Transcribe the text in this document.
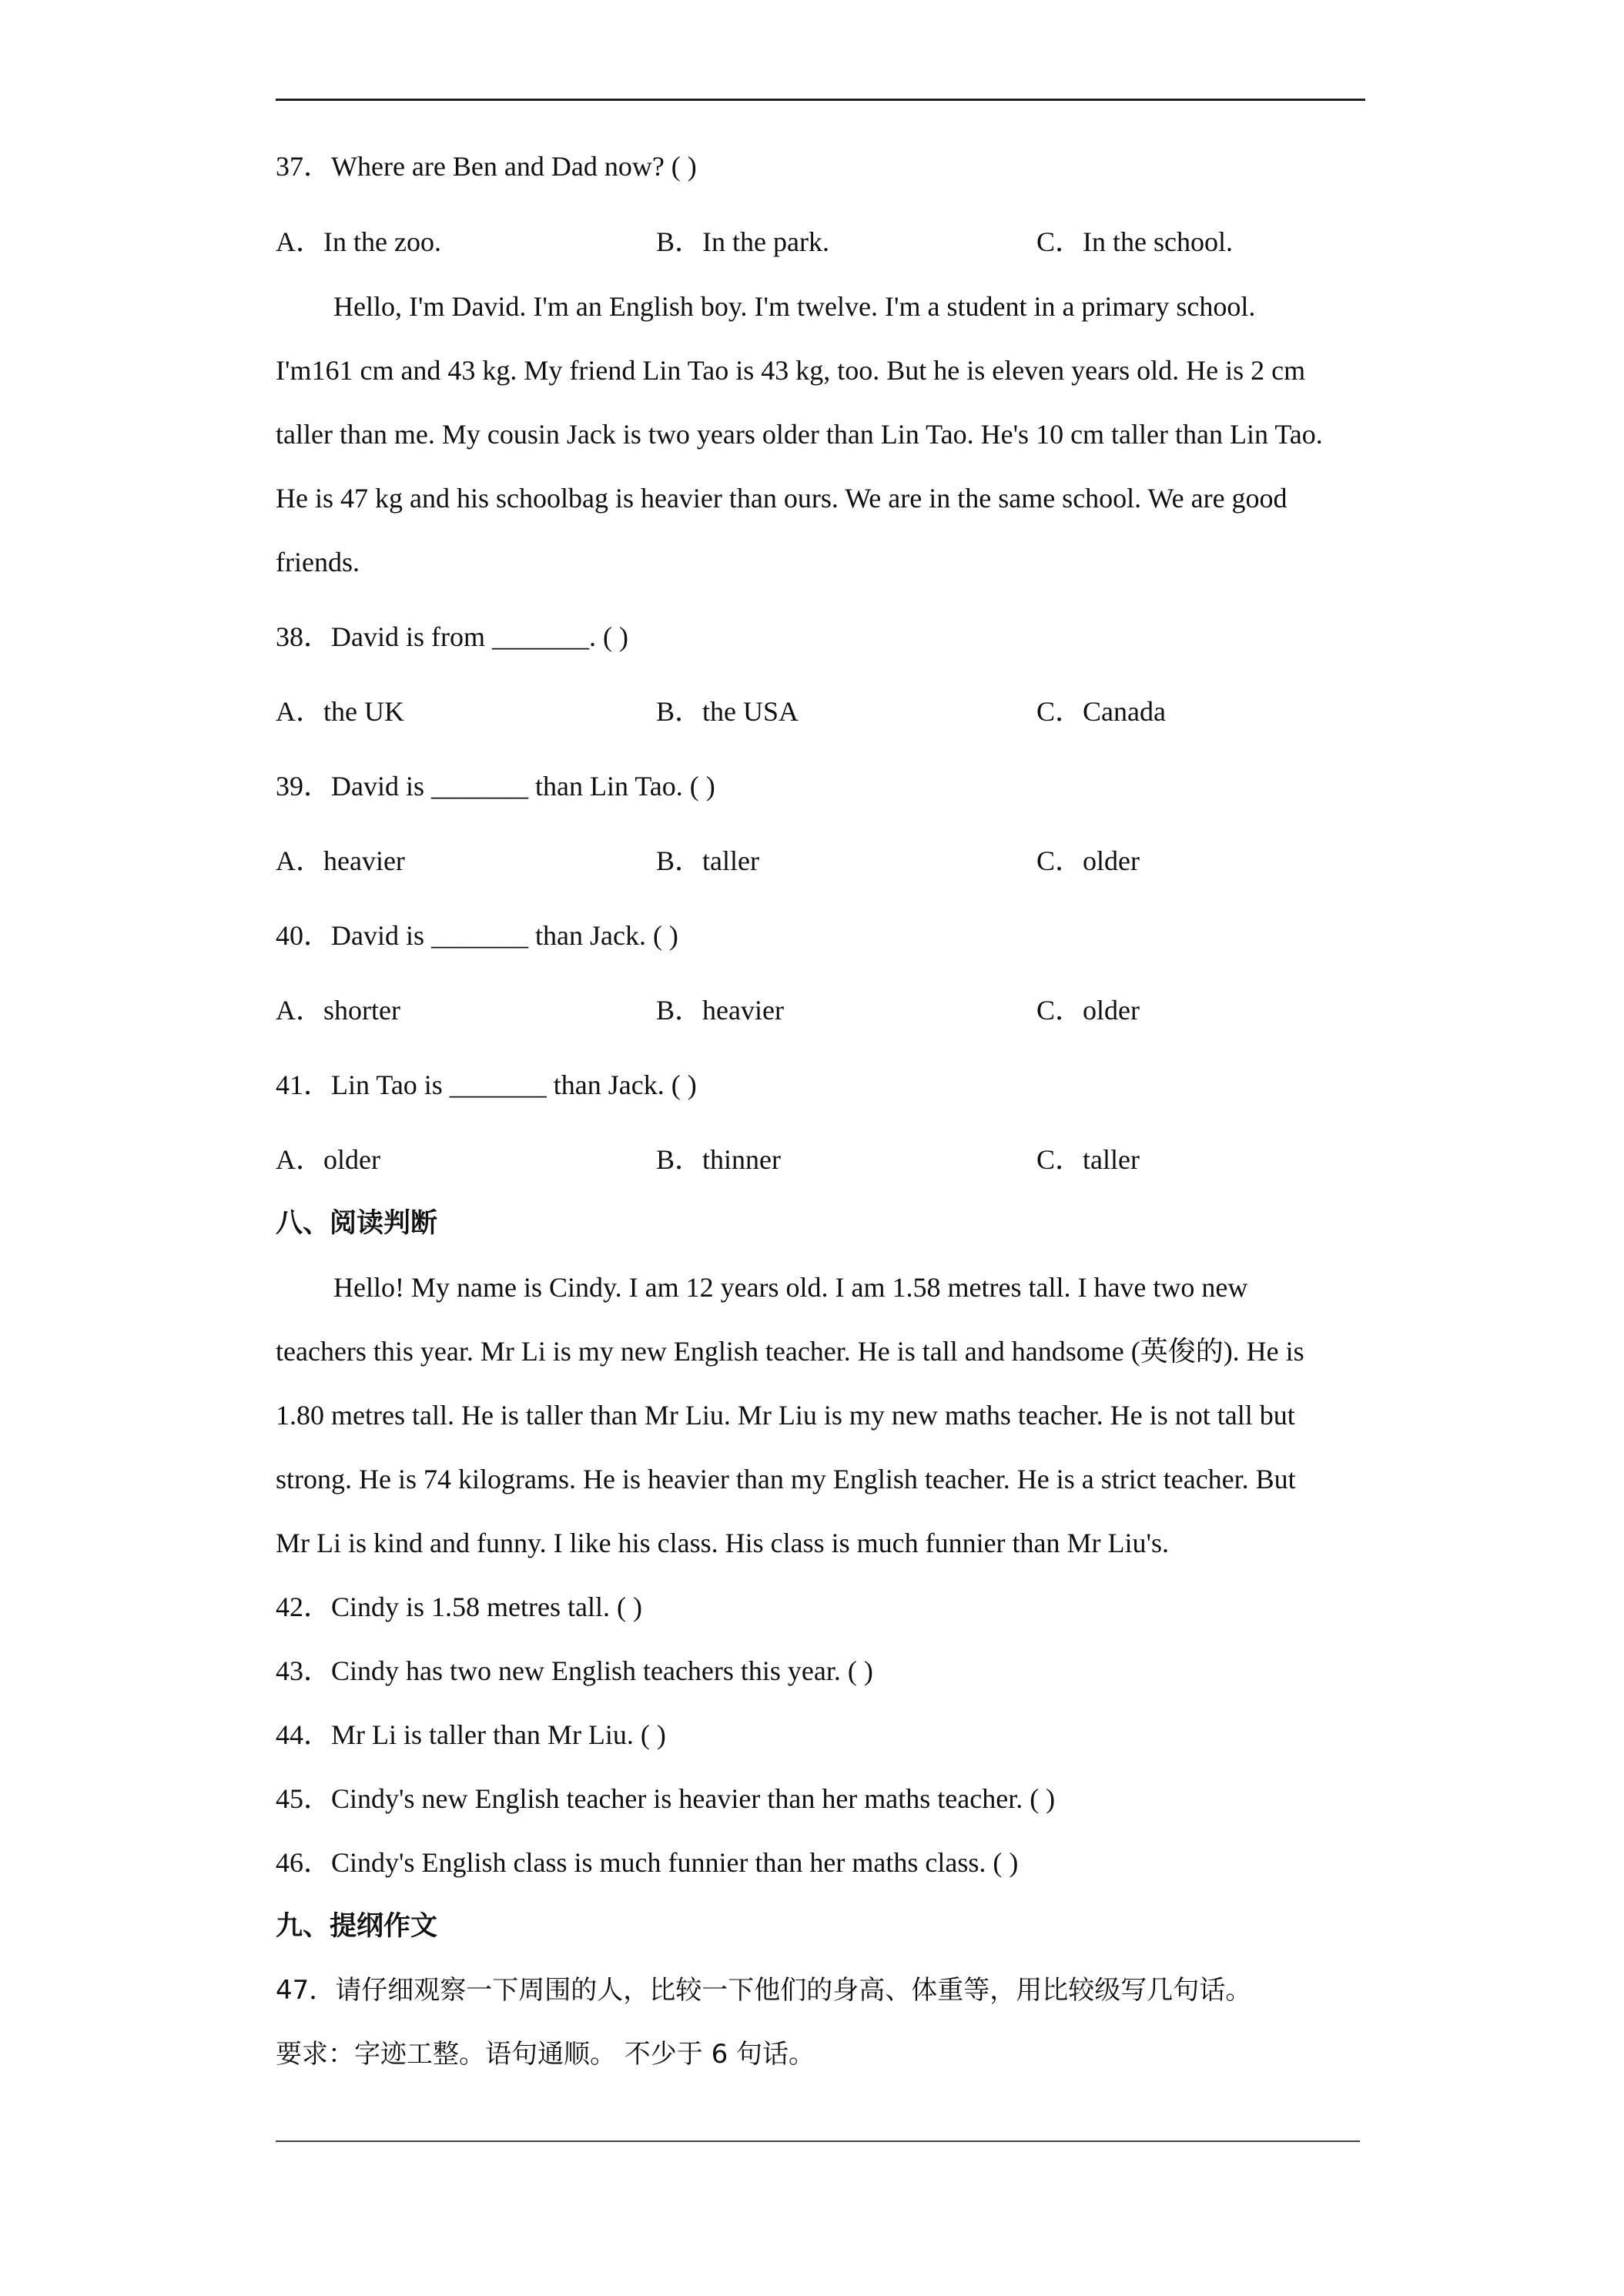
37．Where are Ben and Dad now? ( )
A．In the zoo.	B．In the park.	C．In the school.
Hello, I'm David. I'm an English boy. I'm twelve. I'm a student in a primary school.
I'm161 cm and 43 kg. My friend Lin Tao is 43 kg, too. But he is eleven years old. He is 2 cm
taller than me. My cousin Jack is two years older than Lin Tao. He's 10 cm taller than Lin Tao.
He is 47 kg and his schoolbag is heavier than ours. We are in the same school. We are good
friends.
38．David is from _______. ( )
A．the UK	B．the USA	C．Canada
39．David is _______ than Lin Tao. ( )
A．heavier	B．taller	C．older
40．David is _______ than Jack. ( )
A．shorter	B．heavier	C．older
41．Lin Tao is _______ than Jack. ( )
A．older	B．thinner	C．taller
八、阅读判断
Hello! My name is Cindy. I am 12 years old. I am 1.58 metres tall. I have two new
teachers this year. Mr Li is my new English teacher. He is tall and handsome (英俊的). He is
1.80 metres tall. He is taller than Mr Liu. Mr Liu is my new maths teacher. He is not tall but
strong. He is 74 kilograms. He is heavier than my English teacher. He is a strict teacher. But
Mr Li is kind and funny. I like his class. His class is much funnier than Mr Liu's.
42．Cindy is 1.58 metres tall. ( )
43．Cindy has two new English teachers this year. ( )
44．Mr Li is taller than Mr Liu. ( )
45．Cindy's new English teacher is heavier than her maths teacher. ( )
46．Cindy's English class is much funnier than her maths class. ( )
九、提纲作文
47．请仔细观察一下周围的人，比较一下他们的身高、体重等，用比较级写几句话。
要求：字迹工整。语句通顺。 不少于 6 句话。
